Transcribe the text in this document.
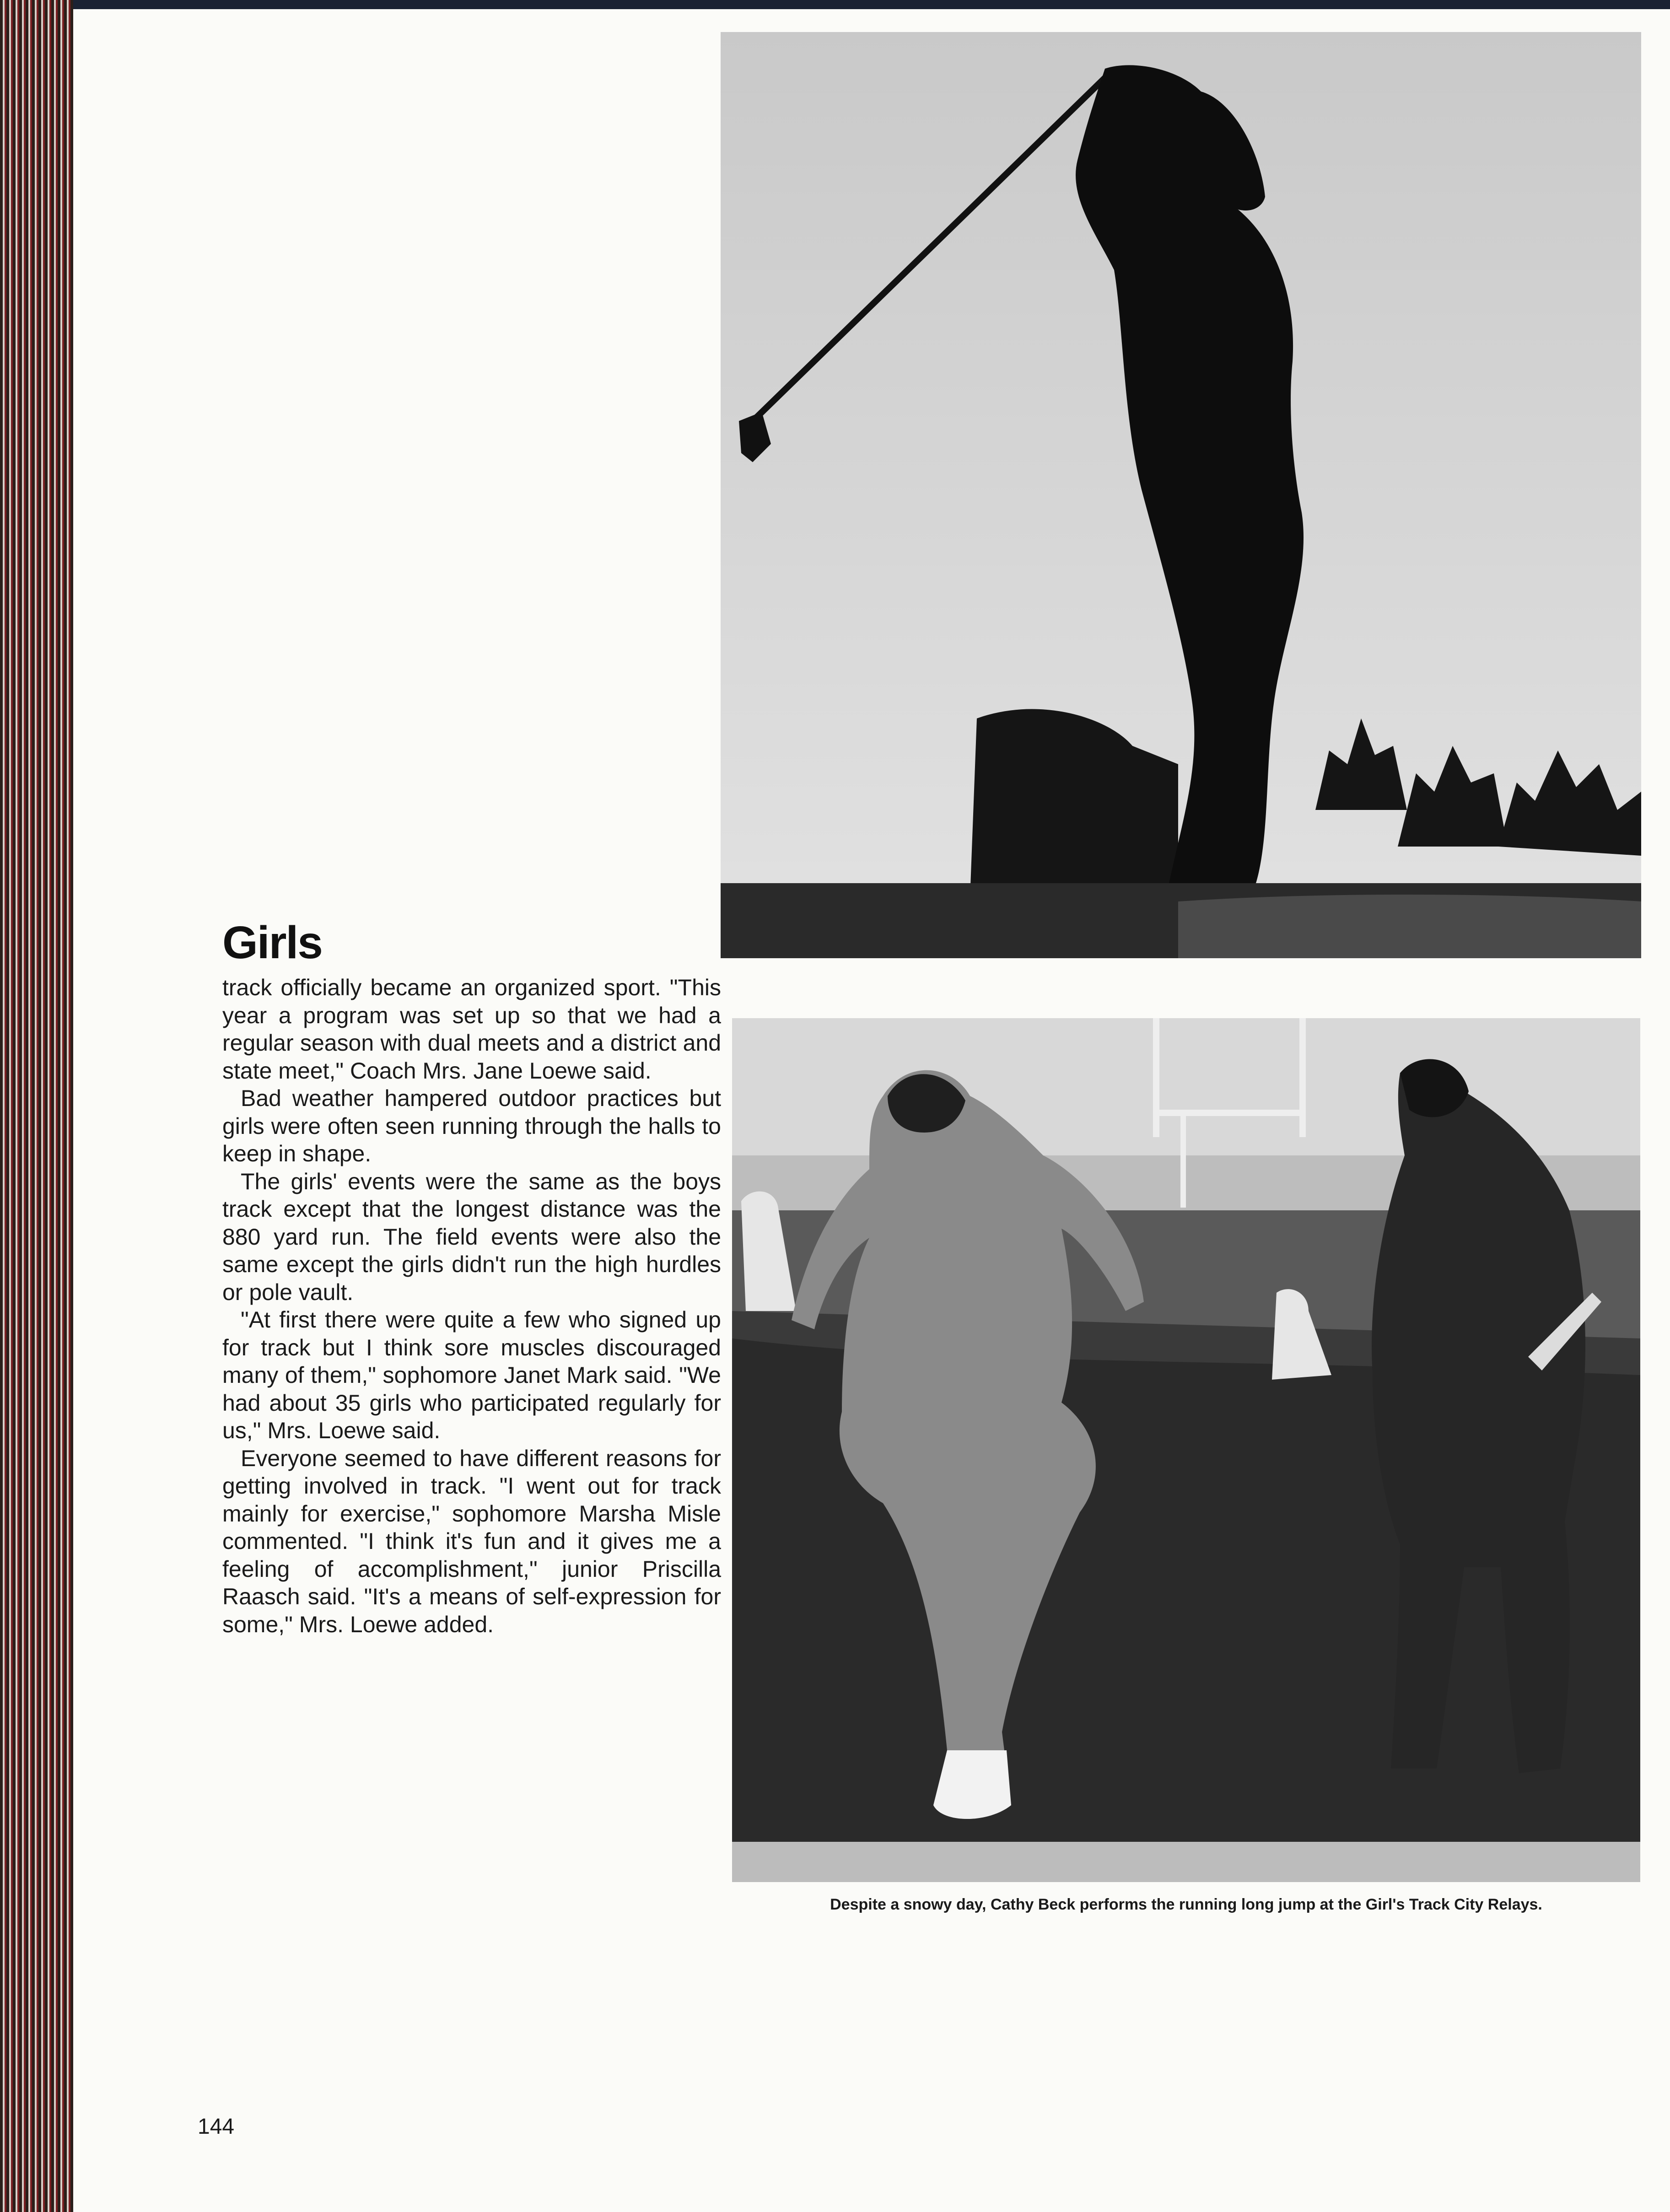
Girls

track officially became an organized sport. "This year a program was set up so that we had a regular season with dual meets and a district and state meet," Coach Mrs. Jane Loewe said.

Bad weather hampered outdoor practices but girls were often seen running through the halls to keep in shape.

The girls' events were the same as the boys track except that the longest distance was the 880 yard run. The field events were also the same except the girls didn't run the high hurdles or pole vault.

"At first there were quite a few who signed up for track but I think sore muscles discouraged many of them," sophomore Janet Mark said. "We had about 35 girls who participated regularly for us," Mrs. Loewe said.

Everyone seemed to have different reasons for getting involved in track. "I went out for track mainly for exercise," sophomore Marsha Misle commented. "I think it's fun and it gives me a feeling of accomplishment," junior Priscilla Raasch said. "It's a means of self-expression for some," Mrs. Loewe added.

Despite a snowy day, Cathy Beck performs the running long jump at the Girl's Track City Relays.
144
